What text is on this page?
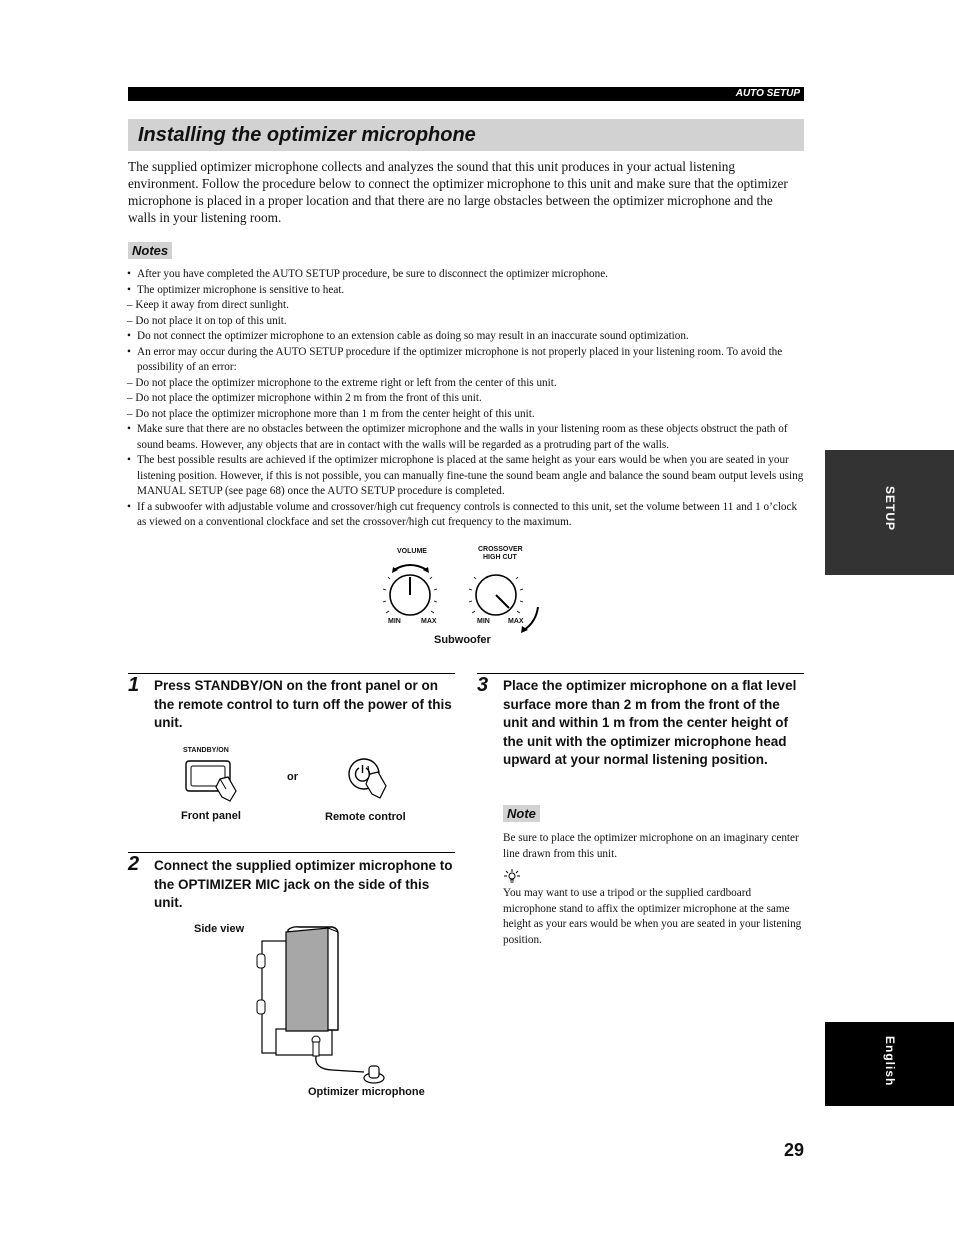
AUTO SETUP
Installing the optimizer microphone

The supplied optimizer microphone collects and analyzes the sound that this unit produces in your actual listening environment. Follow the procedure below to connect the optimizer microphone to this unit and make sure that the optimizer microphone is placed in a proper location and that there are no large obstacles between the optimizer microphone and the walls in your listening room.

Notes
• After you have completed the AUTO SETUP procedure, be sure to disconnect the optimizer microphone.
• The optimizer microphone is sensitive to heat.
– Keep it away from direct sunlight.
– Do not place it on top of this unit.
• Do not connect the optimizer microphone to an extension cable as doing so may result in an inaccurate sound optimization.
• An error may occur during the AUTO SETUP procedure if the optimizer microphone is not properly placed in your listening room. To avoid the possibility of an error:
– Do not place the optimizer microphone to the extreme right or left from the center of this unit.
– Do not place the optimizer microphone within 2 m from the front of this unit.
– Do not place the optimizer microphone more than 1 m from the center height of this unit.
• Make sure that there are no obstacles between the optimizer microphone and the walls in your listening room as these objects obstruct the path of sound beams. However, any objects that are in contact with the walls will be regarded as a protruding part of the walls.
• The best possible results are achieved if the optimizer microphone is placed at the same height as your ears would be when you are seated in your listening position. However, if this is not possible, you can manually fine-tune the sound beam angle and balance the sound beam output levels using MANUAL SETUP (see page 68) once the AUTO SETUP procedure is completed.
• If a subwoofer with adjustable volume and crossover/high cut frequency controls is connected to this unit, set the volume between 11 and 1 o’clock as viewed on a conventional clockface and set the crossover/high cut frequency to the maximum.
VOLUME	CROSSOVER
HIGH CUT
MIN	MAX	MIN	MAX
Subwoofer
1 Press STANDBY/ON on the front panel or on the remote control to turn off the power of this unit.

STANDBY/ON
or
Front panel	Remote control
2 Connect the supplied optimizer microphone to the OPTIMIZER MIC jack on the side of this unit.

Side view
Optimizer microphone
3 Place the optimizer microphone on a flat level surface more than 2 m from the front of the unit and within 1 m from the center height of the unit with the optimizer microphone head upward at your normal listening position.

Note

Be sure to place the optimizer microphone on an imaginary center line drawn from this unit.

You may want to use a tripod or the supplied cardboard microphone stand to affix the optimizer microphone at the same height as your ears would be when you are seated in your listening position.

SETUP
English
29
